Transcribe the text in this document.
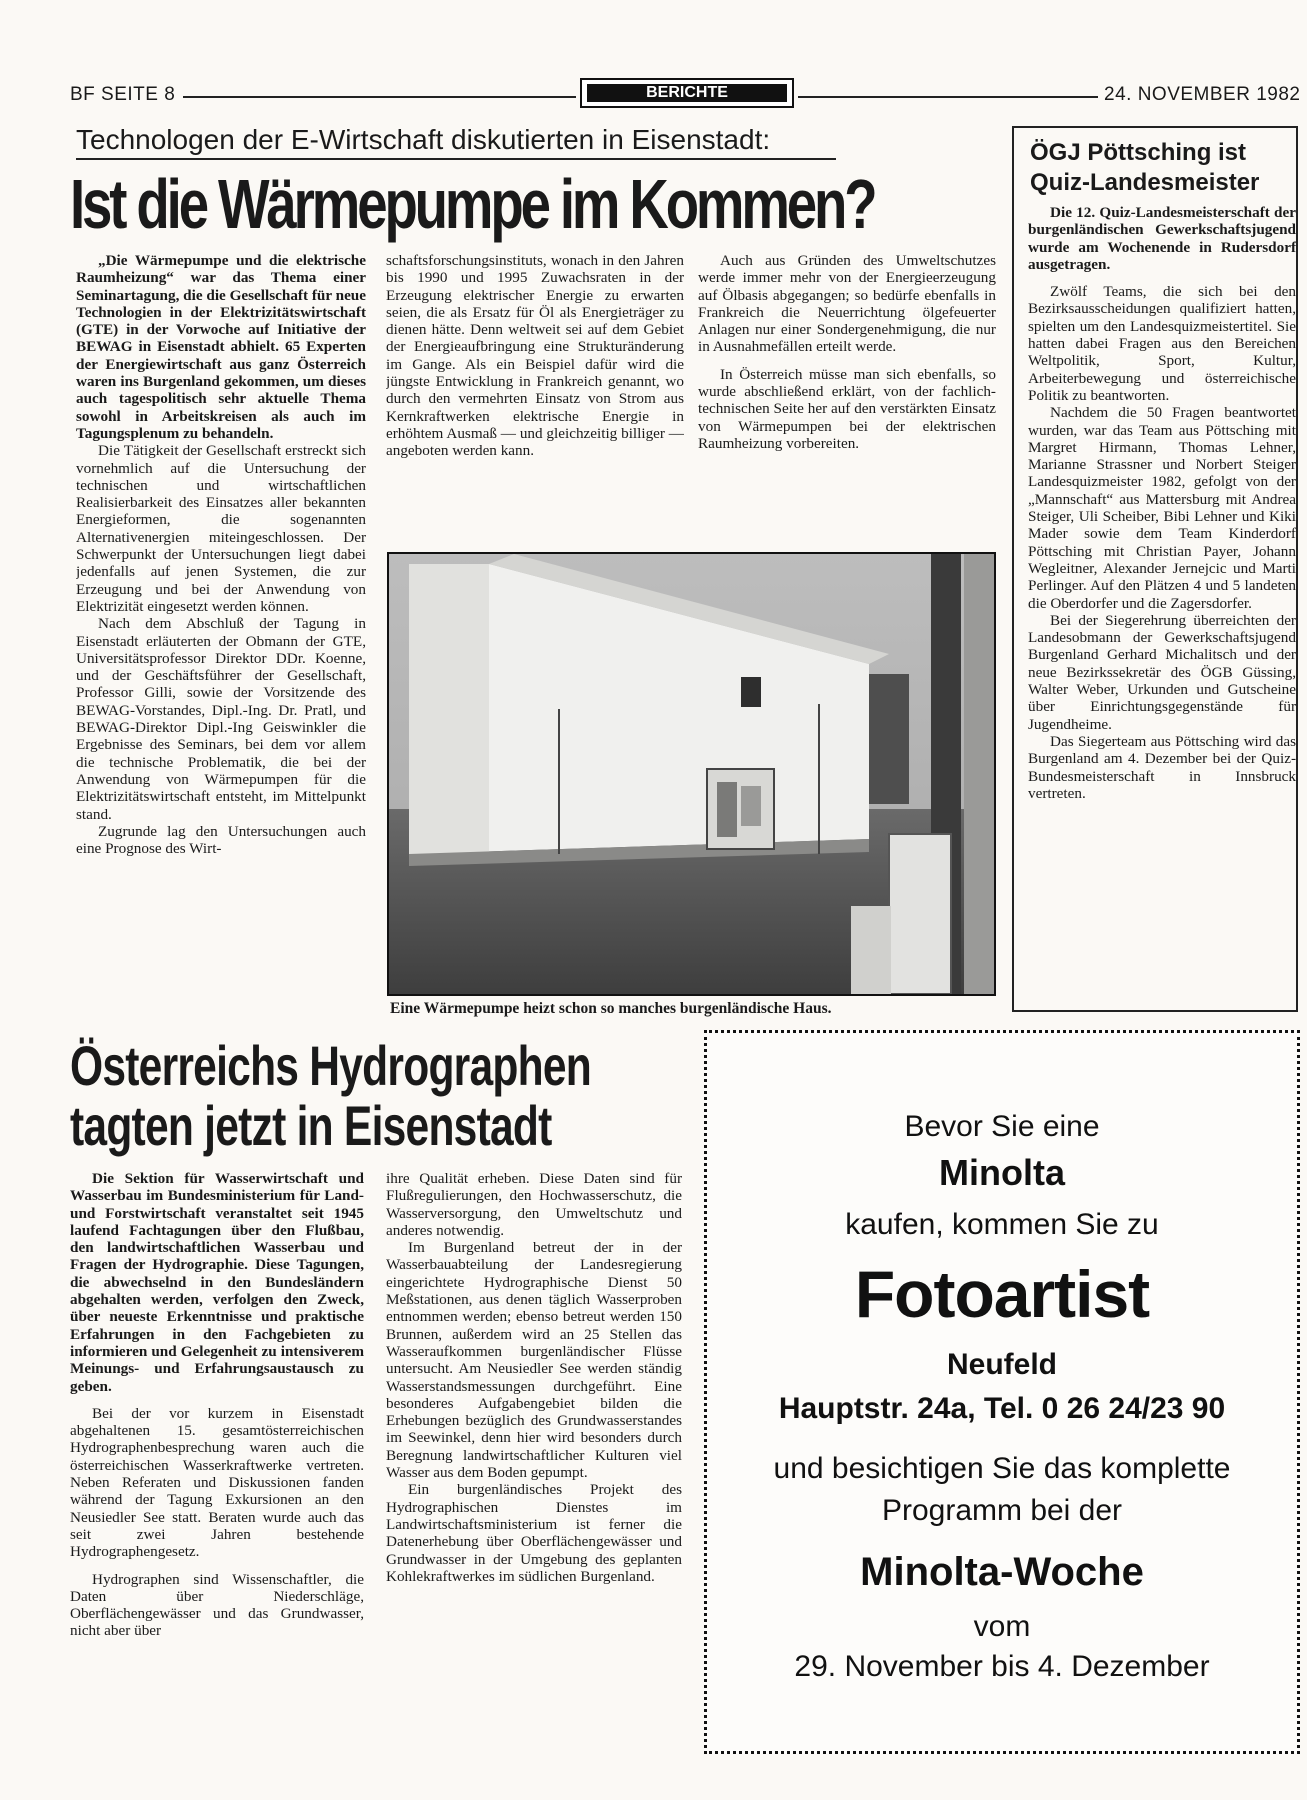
BF SEITE 8	BERICHTE	24. NOVEMBER 1982
Technologen der E-Wirtschaft diskutierten in Eisenstadt:
Ist die Wärmepumpe im Kommen?

„Die Wärmepumpe und die elektrische Raumheizung“ war das Thema einer Seminartagung, die die Gesellschaft für neue Technologien in der Elektrizitätswirtschaft (GTE) in der Vorwoche auf Initiative der BEWAG in Eisenstadt abhielt. 65 Experten der Energiewirtschaft aus ganz Österreich waren ins Burgenland gekommen, um dieses auch tagespolitisch sehr aktuelle Thema sowohl in Arbeitskreisen als auch im Tagungsplenum zu behandeln.

Die Tätigkeit der Gesellschaft erstreckt sich vornehmlich auf die Untersuchung der technischen und wirtschaftlichen Realisierbarkeit des Einsatzes aller bekannten Energieformen, die sogenannten Alternativenergien miteingeschlossen. Der Schwerpunkt der Untersuchungen liegt dabei jedenfalls auf jenen Systemen, die zur Erzeugung und bei der Anwendung von Elektrizität eingesetzt werden können.

Nach dem Abschluß der Tagung in Eisenstadt erläuterten der Obmann der GTE, Universitätsprofessor Direktor DDr. Koenne, und der Geschäftsführer der Gesellschaft, Professor Gilli, sowie der Vorsitzende des BEWAG-Vorstandes, Dipl.-Ing. Dr. Pratl, und BEWAG-Direktor Dipl.-Ing Geiswinkler die Ergebnisse des Seminars, bei dem vor allem die technische Problematik, die bei der Anwendung von Wärmepumpen für die Elektrizitätswirtschaft entsteht, im Mittelpunkt stand.

Zugrunde lag den Untersuchungen auch eine Prognose des Wirt-

schaftsforschungsinstituts, wonach in den Jahren bis 1990 und 1995 Zuwachsraten in der Erzeugung elektrischer Energie zu erwarten seien, die als Ersatz für Öl als Energieträger zu dienen hätte. Denn weltweit sei auf dem Gebiet der Energieaufbringung eine Strukturänderung im Gange. Als ein Beispiel dafür wird die jüngste Entwicklung in Frankreich genannt, wo durch den vermehrten Einsatz von Strom aus Kernkraftwerken elektrische Energie in erhöhtem Ausmaß — und gleichzeitig billiger — angeboten werden kann.

Auch aus Gründen des Umweltschutzes werde immer mehr von der Energieerzeugung auf Ölbasis abgegangen; so bedürfe ebenfalls in Frankreich die Neuerrichtung ölgefeuerter Anlagen nur einer Sondergenehmigung, die nur in Ausnahmefällen erteilt werde.

In Österreich müsse man sich ebenfalls, so wurde abschließend erklärt, von der fachlich-technischen Seite her auf den verstärkten Einsatz von Wärmepumpen bei der elektrischen Raumheizung vorbereiten.

Eine Wärmepumpe heizt schon so manches burgenländische Haus.
ÖGJ Pöttsching ist Quiz-Landesmeister

Die 12. Quiz-Landesmeisterschaft der burgenländischen Gewerkschaftsjugend wurde am Wochenende in Rudersdorf ausgetragen.

Zwölf Teams, die sich bei den Bezirksausscheidungen qualifiziert hatten, spielten um den Landesquizmeistertitel. Sie hatten dabei Fragen aus den Bereichen Weltpolitik, Sport, Kultur, Arbeiterbewegung und österreichische Politik zu beantworten.

Nachdem die 50 Fragen beantwortet wurden, war das Team aus Pöttsching mit Margret Hirmann, Thomas Lehner, Marianne Strassner und Norbert Steiger Landesquizmeister 1982, gefolgt von der „Mannschaft“ aus Mattersburg mit Andrea Steiger, Uli Scheiber, Bibi Lehner und Kiki Mader sowie dem Team Kinderdorf Pöttsching mit Christian Payer, Johann Wegleitner, Alexander Jernejcic und Marti Perlinger. Auf den Plätzen 4 und 5 landeten die Oberdorfer und die Zagersdorfer.

Bei der Siegerehrung überreichten der Landesobmann der Gewerkschaftsjugend Burgenland Gerhard Michalitsch und der neue Bezirkssekretär des ÖGB Güssing, Walter Weber, Urkunden und Gutscheine über Einrichtungsgegenstände für Jugendheime.

Das Siegerteam aus Pöttsching wird das Burgenland am 4. Dezember bei der Quiz-Bundesmeisterschaft in Innsbruck vertreten.

Österreichs Hydrographen
tagten jetzt in Eisenstadt

Die Sektion für Wasserwirtschaft und Wasserbau im Bundesministerium für Land- und Forstwirtschaft veranstaltet seit 1945 laufend Fachtagungen über den Flußbau, den landwirtschaftlichen Wasserbau und Fragen der Hydrographie. Diese Tagungen, die abwechselnd in den Bundesländern abgehalten werden, verfolgen den Zweck, über neueste Erkenntnisse und praktische Erfahrungen in den Fachgebieten zu informieren und Gelegenheit zu intensiverem Meinungs- und Erfahrungsaustausch zu geben.

Bei der vor kurzem in Eisenstadt abgehaltenen 15. gesamtösterreichischen Hydrographenbesprechung waren auch die österreichischen Wasserkraftwerke vertreten. Neben Referaten und Diskussionen fanden während der Tagung Exkursionen an den Neusiedler See statt. Beraten wurde auch das seit zwei Jahren bestehende Hydrographengesetz.

Hydrographen sind Wissenschaftler, die Daten über Niederschläge, Oberflächengewässer und das Grundwasser, nicht aber über

ihre Qualität erheben. Diese Daten sind für Flußregulierungen, den Hochwasserschutz, die Wasserversorgung, den Umweltschutz und anderes notwendig.

Im Burgenland betreut der in der Wasserbauabteilung der Landesregierung eingerichtete Hydrographische Dienst 50 Meßstationen, aus denen täglich Wasserproben entnommen werden; ebenso betreut werden 150 Brunnen, außerdem wird an 25 Stellen das Wasseraufkommen burgenländischer Flüsse untersucht. Am Neusiedler See werden ständig Wasserstandsmessungen durchgeführt. Eine besonderes Aufgabengebiet bilden die Erhebungen bezüglich des Grundwasserstandes im Seewinkel, denn hier wird besonders durch Beregnung landwirtschaftlicher Kulturen viel Wasser aus dem Boden gepumpt.

Ein burgenländisches Projekt des Hydrographischen Dienstes im Landwirtschaftsministerium ist ferner die Datenerhebung über Oberflächengewässer und Grundwasser in der Umgebung des geplanten Kohlekraftwerkes im südlichen Burgenland.

Bevor Sie eine
Minolta
kaufen, kommen Sie zu
Fotoartist
Neufeld
Hauptstr. 24a, Tel. 0 26 24/23 90
und besichtigen Sie das komplette
Programm bei der
Minolta-Woche
vom
29. November bis 4. Dezember
